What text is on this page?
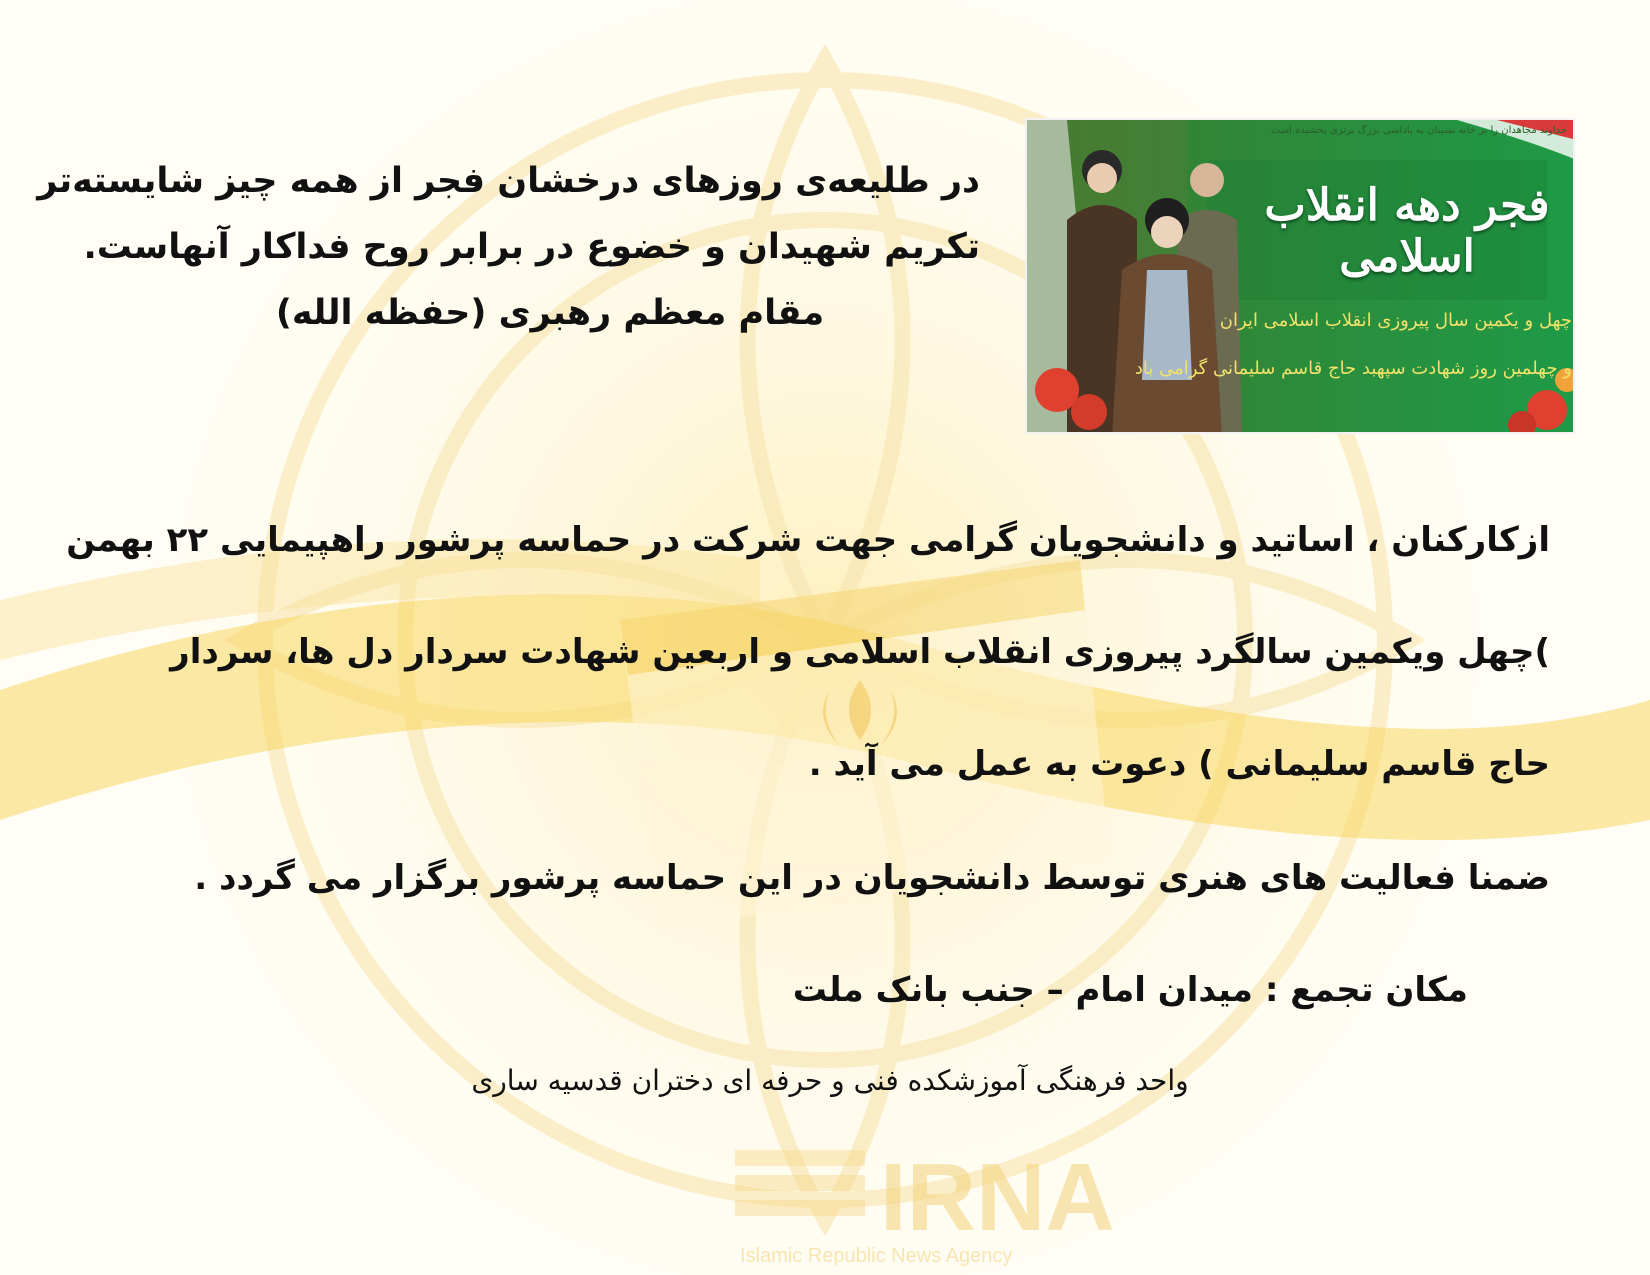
IRNA
Islamic Republic News Agency
در طلیعه‌ی روزهای درخشان فجر از همه چیز شایسته‌تر
تکریم شهیدان و خضوع در برابر روح فداکار آنهاست.
مقام معظم رهبری (حفظه الله)
خداوند مجاهدان را بر خانه نشینان به پاداشی بزرگ برتری بخشیده است
فجر دهه انقلاب اسلامی
چهل و یکمین سال پیروزی انقلاب اسلامی ایران
و چهلمین روز شهادت سپهبد حاج قاسم سلیمانی گرامی باد
ازکارکنان ، اساتید و دانشجویان گرامی جهت شرکت در حماسه پرشور راهپیمایی ۲۲ بهمن
)چهل ویکمین سالگرد پیروزی انقلاب اسلامی و اربعین شهادت سردار دل ها، سردار
حاج قاسم سلیمانی ) دعوت به عمل می آید .
ضمنا فعالیت های هنری توسط دانشجویان در این حماسه پرشور برگزار می گردد .
مکان تجمع : میدان امام – جنب بانک ملت
واحد فرهنگی آموزشکده فنی و حرفه ای دختران قدسیه ساری
